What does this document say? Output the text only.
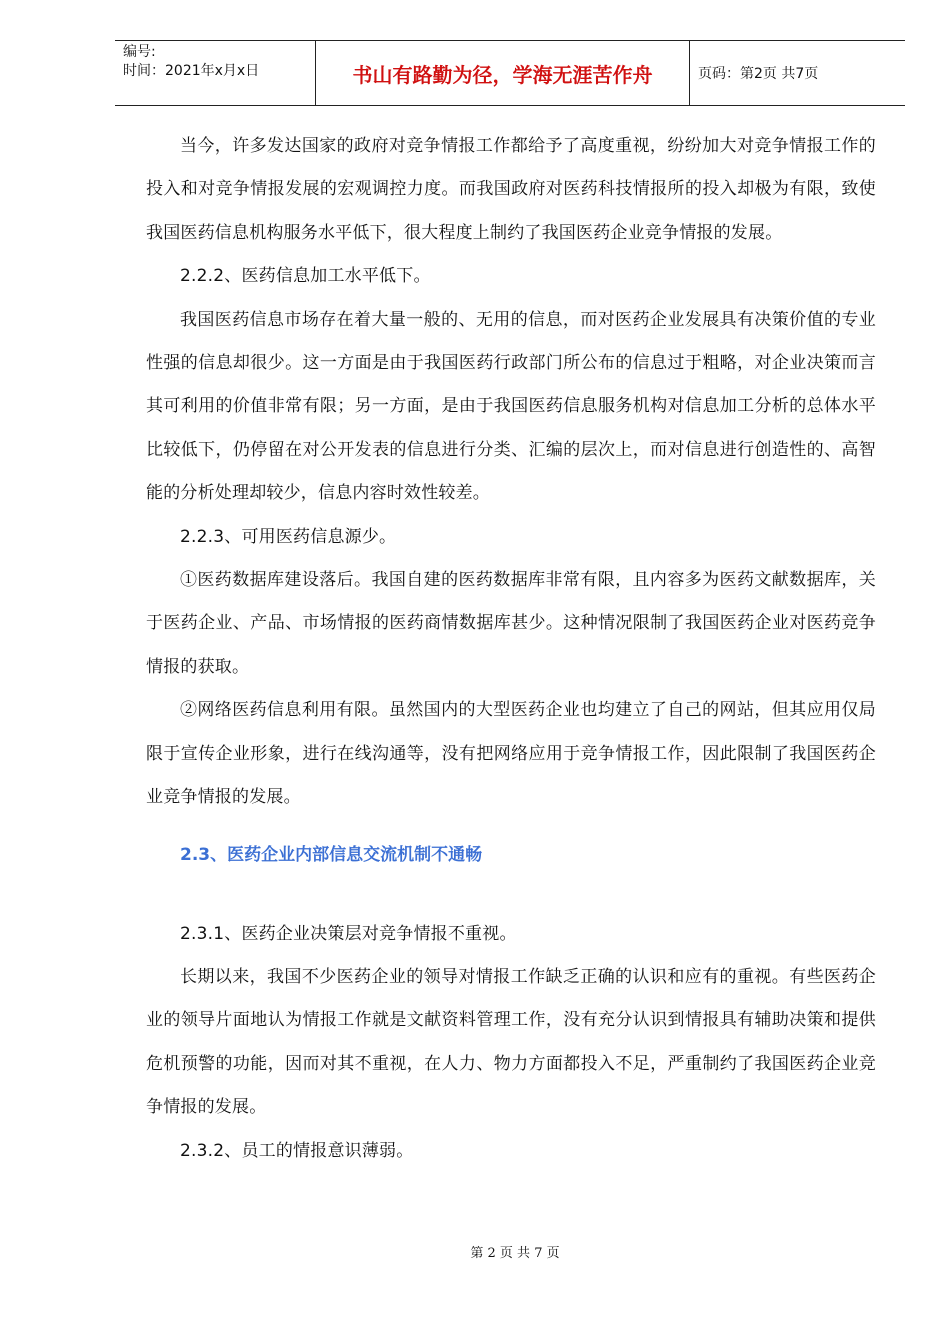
编号:
时间：2021年x月x日	书山有路勤为径，学海无涯苦作舟	页码：第2页 共7页

当今，许多发达国家的政府对竞争情报工作都给予了高度重视，纷纷加大对竞争情报工作的投入和对竞争情报发展的宏观调控力度。而我国政府对医药科技情报所的投入却极为有限，致使我国医药信息机构服务水平低下，很大程度上制约了我国医药企业竞争情报的发展。

2.2.2、医药信息加工水平低下。

我国医药信息市场存在着大量一般的、无用的信息，而对医药企业发展具有决策价值的专业性强的信息却很少。这一方面是由于我国医药行政部门所公布的信息过于粗略，对企业决策而言其可利用的价值非常有限；另一方面，是由于我国医药信息服务机构对信息加工分析的总体水平比较低下，仍停留在对公开发表的信息进行分类、汇编的层次上，而对信息进行创造性的、高智能的分析处理却较少，信息内容时效性较差。

2.2.3、可用医药信息源少。

①医药数据库建设落后。我国自建的医药数据库非常有限，且内容多为医药文献数据库，关于医药企业、产品、市场情报的医药商情数据库甚少。这种情况限制了我国医药企业对医药竞争情报的获取。

②网络医药信息利用有限。虽然国内的大型医药企业也均建立了自己的网站，但其应用仅局限于宣传企业形象，进行在线沟通等，没有把网络应用于竞争情报工作，因此限制了我国医药企业竞争情报的发展。

2.3、医药企业内部信息交流机制不通畅

2.3.1、医药企业决策层对竞争情报不重视。

长期以来，我国不少医药企业的领导对情报工作缺乏正确的认识和应有的重视。有些医药企业的领导片面地认为情报工作就是文献资料管理工作，没有充分认识到情报具有辅助决策和提供危机预警的功能，因而对其不重视，在人力、物力方面都投入不足，严重制约了我国医药企业竞争情报的发展。

2.3.2、员工的情报意识薄弱。

第 2 页 共 7 页
